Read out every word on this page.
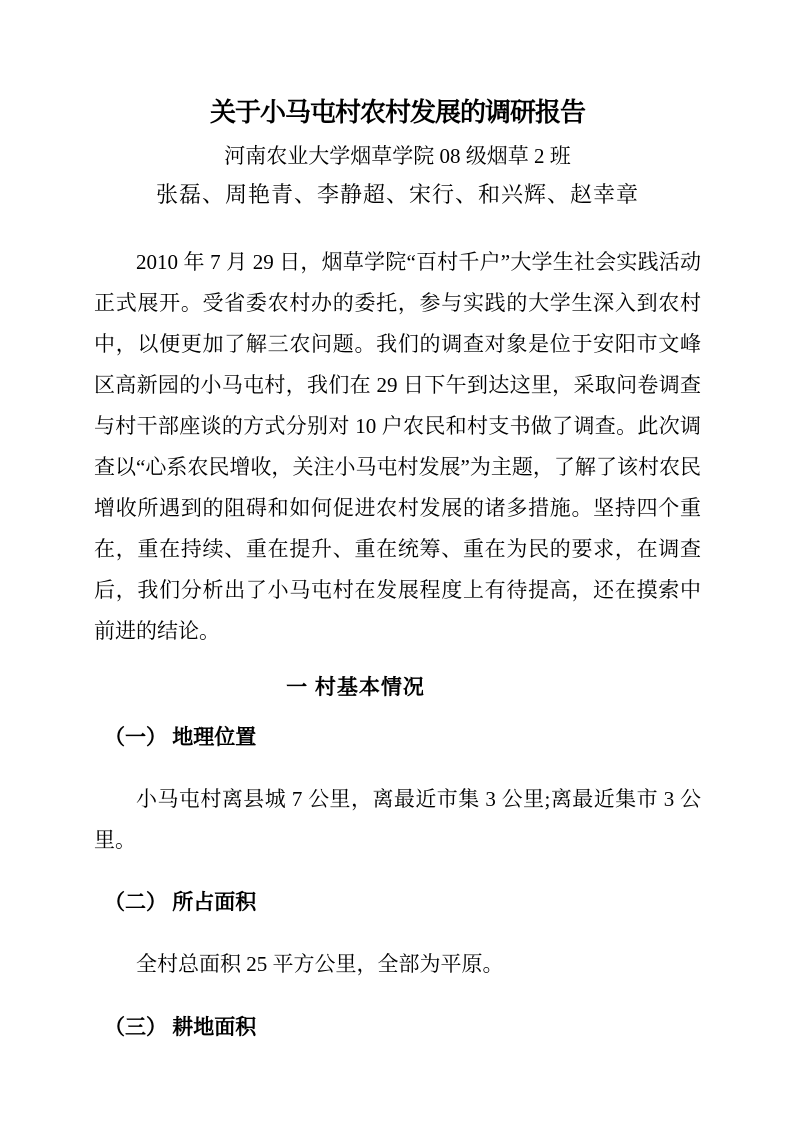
关于小马屯村农村发展的调研报告
河南农业大学烟草学院 08 级烟草 2 班
张磊、周艳青、李静超、宋行、和兴辉、赵幸章

2010 年 7 月 29 日，烟草学院“百村千户”大学生社会实践活动正式展开。受省委农村办的委托，参与实践的大学生深入到农村中，以便更加了解三农问题。我们的调查对象是位于安阳市文峰区高新园的小马屯村，我们在 29 日下午到达这里，采取问卷调查与村干部座谈的方式分别对 10 户农民和村支书做了调查。此次调查以“心系农民增收，关注小马屯村发展”为主题，了解了该村农民增收所遇到的阻碍和如何促进农村发展的诸多措施。坚持四个重在，重在持续、重在提升、重在统筹、重在为民的要求，在调查后，我们分析出了小马屯村在发展程度上有待提高，还在摸索中前进的结论。

一 村基本情况
（一） 地理位置

小马屯村离县城 7 公里，离最近市集 3 公里;离最近集市 3 公里。

（二） 所占面积

全村总面积 25 平方公里，全部为平原。

（三） 耕地面积
